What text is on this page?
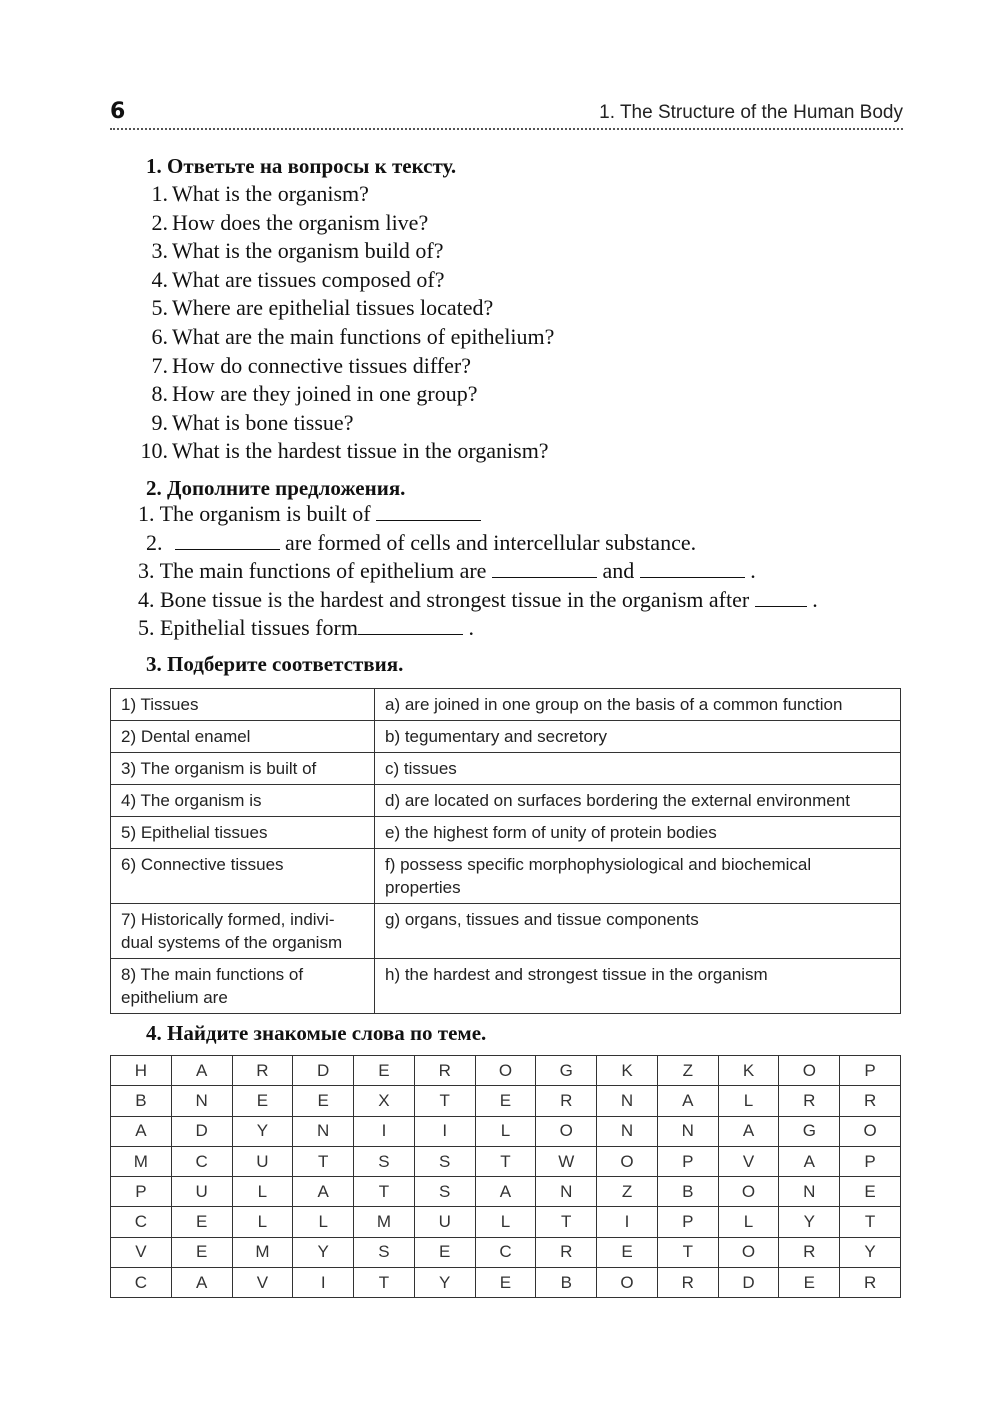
6	1. The Structure of the Human Body
1. Ответьте на вопросы к тексту.
1. What is the organism?
2. How does the organism live?
3. What is the organism build of?
4. What are tissues composed of?
5. Where are epithelial tissues located?
6. What are the main functions of epithelium?
7. How do connective tissues differ?
8. How are they joined in one group?
9. What is bone tissue?
10. What is the hardest tissue in the organism?
2. Дополните предложения.
1. The organism is built of
2.	are formed of cells and intercellular substance.
3. The main functions of epithelium are	and	.
4. Bone tissue is the hardest and strongest tissue in the organism after	.
5. Epithelial tissues form	.
3. Подберите соответствия.
1) Tissues	a) are joined in one group on the basis of a common function
2) Dental enamel	b) tegumentary and secretory
3) The organism is built of	c) tissues
4) The organism is	d) are located on surfaces bordering the external environment
5) Epithelial tissues	e) the highest form of unity of protein bodies
6) Connective tissues	f) possess specific morphophysiological and biochemical properties
7) Historically formed, indivi-dual systems of the organism	g) organs, tissues and tissue components
8) The main functions of epithelium are	h) the hardest and strongest tissue in the organism
4. Найдите знакомые слова по теме.
H	A	R	D	E	R	O	G	K	Z	K	O	P
B	N	E	E	X	T	E	R	N	A	L	R	R
A	D	Y	N	I	I	L	O	N	N	A	G	O
M	C	U	T	S	S	T	W	O	P	V	A	P
P	U	L	A	T	S	A	N	Z	B	O	N	E
C	E	L	L	M	U	L	T	I	P	L	Y	T
V	E	M	Y	S	E	C	R	E	T	O	R	Y
C	A	V	I	T	Y	E	B	O	R	D	E	R
